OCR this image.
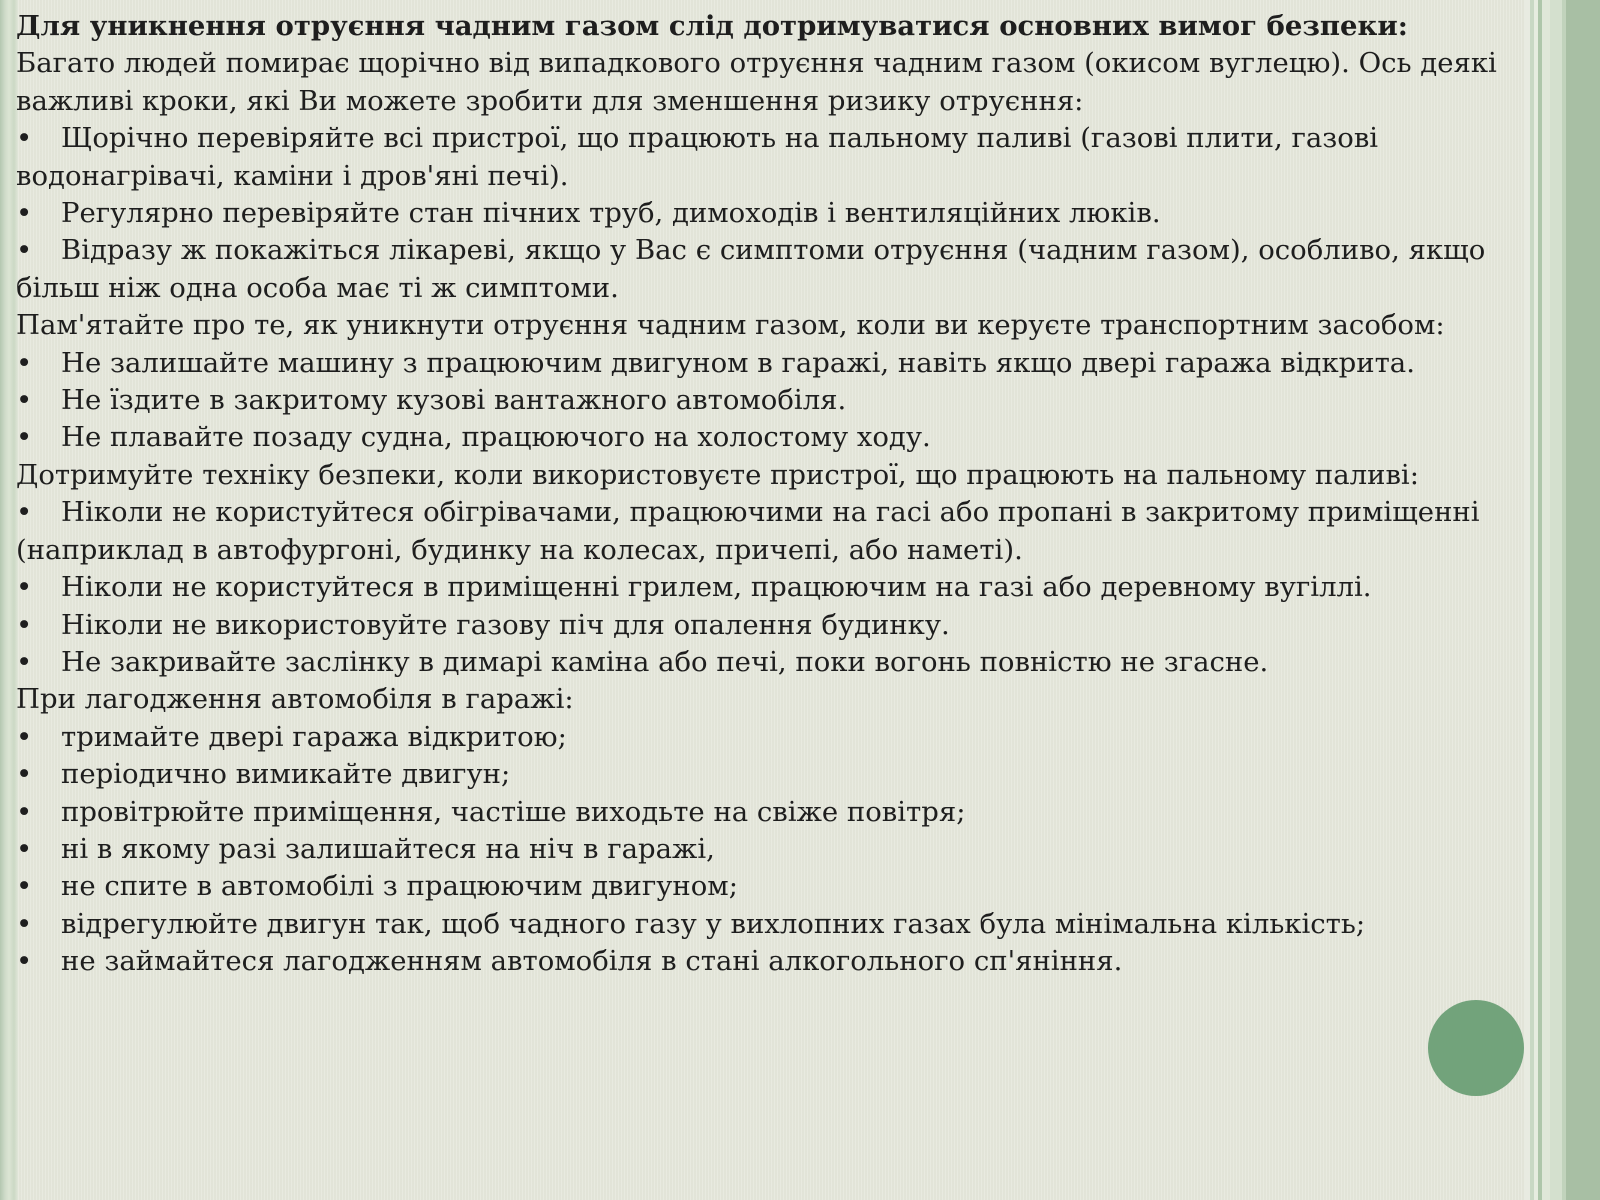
Для уникнення отруєння чадним газом слід дотримуватися основних вимог безпеки:

Багато людей помирає щорічно від випадкового отруєння чадним газом (окисом вуглецю). Ось деякі важливі кроки, які Ви можете зробити для зменшення ризику отруєння:

• Щорічно перевіряйте всі пристрої, що працюють на пальному паливі (газові плити, газові водонагрівачі, каміни і дров'яні печі).

• Регулярно перевіряйте стан пічних труб, димоходів і вентиляційних люків.

• Відразу ж покажіться лікареві, якщо у Вас є симптоми отруєння (чадним газом), особливо, якщо більш ніж одна особа має ті ж симптоми.

Пам'ятайте про те, як уникнути отруєння чадним газом, коли ви керуєте транспортним засобом:

• Не залишайте машину з працюючим двигуном в гаражі, навіть якщо двері гаража відкрита.

• Не їздите в закритому кузові вантажного автомобіля.

• Не плавайте позаду судна, працюючого на холостому ходу.

Дотримуйте техніку безпеки, коли використовуєте пристрої, що працюють на пальному паливі:

• Ніколи не користуйтеся обігрівачами, працюючими на гасі або пропані в закритому приміщенні (наприклад в автофургоні, будинку на колесах, причепі, або наметі).

• Ніколи не користуйтеся в приміщенні грилем, працюючим на газі або деревному вугіллі.

• Ніколи не використовуйте газову піч для опалення будинку.

• Не закривайте заслінку в димарі каміна або печі, поки вогонь повністю не згасне.

При лагодження автомобіля в гаражі:

• тримайте двері гаража відкритою;

• періодично вимикайте двигун;

• провітрюйте приміщення, частіше виходьте на свіже повітря;

• ні в якому разі залишайтеся на ніч в гаражі,

• не спите в автомобілі з працюючим двигуном;

• відрегулюйте двигун так, щоб чадного газу у вихлопних газах була мінімальна кількість;

• не займайтеся лагодженням автомобіля в стані алкогольного сп'яніння.
